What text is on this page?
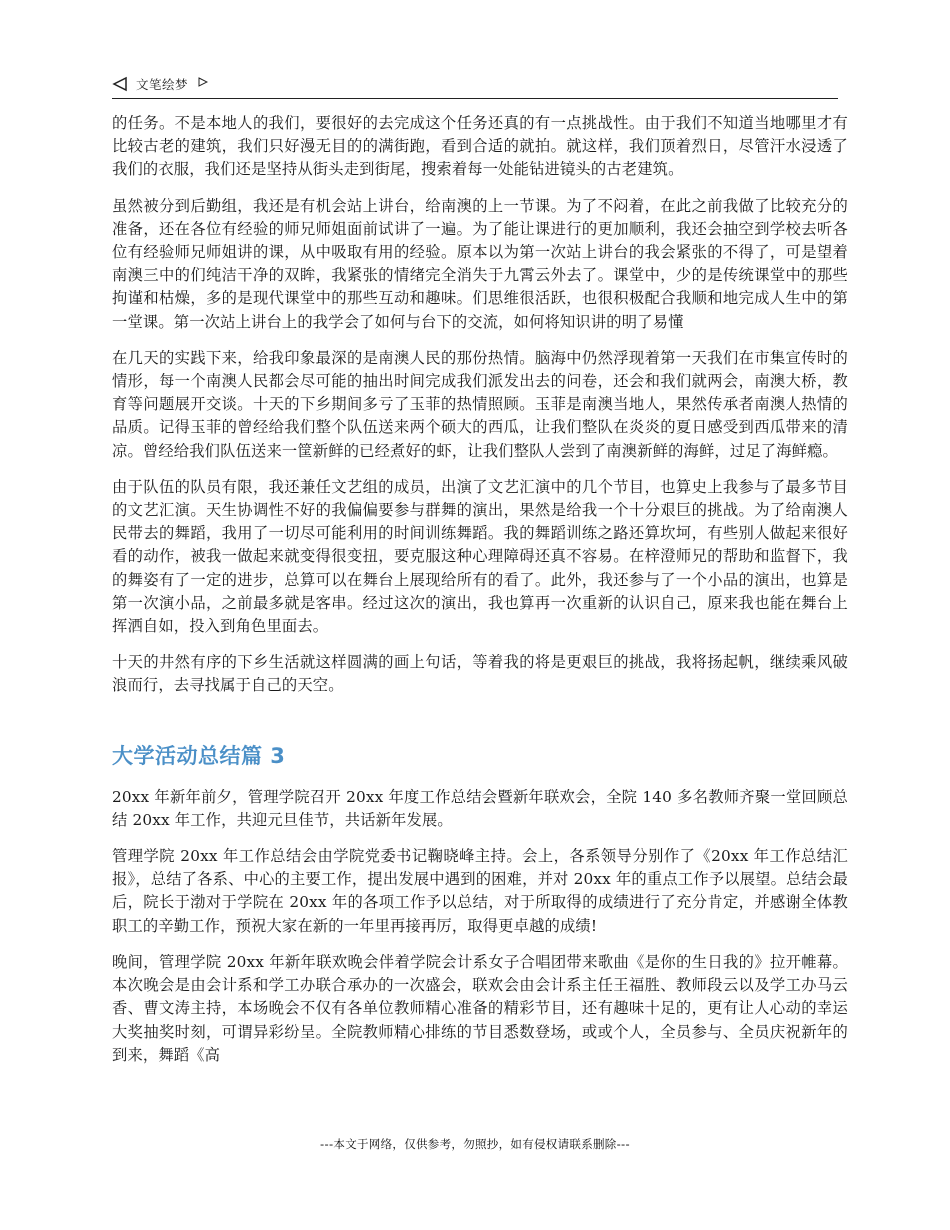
文笔绘梦

的任务。不是本地人的我们，要很好的去完成这个任务还真的有一点挑战性。由于我们不知道当地哪里才有比较古老的建筑，我们只好漫无目的的满街跑，看到合适的就拍。就这样，我们顶着烈日，尽管汗水浸透了我们的衣服，我们还是坚持从街头走到街尾，搜索着每一处能钻进镜头的古老建筑。

虽然被分到后勤组，我还是有机会站上讲台，给南澳的上一节课。为了不闷着，在此之前我做了比较充分的准备，还在各位有经验的师兄师姐面前试讲了一遍。为了能让课进行的更加顺利，我还会抽空到学校去听各位有经验师兄师姐讲的课，从中吸取有用的经验。原本以为第一次站上讲台的我会紧张的不得了，可是望着南澳三中的们纯洁干净的双眸，我紧张的情绪完全消失于九霄云外去了。课堂中，少的是传统课堂中的那些拘谨和枯燥，多的是现代课堂中的那些互动和趣味。们思维很活跃，也很积极配合我顺和地完成人生中的第一堂课。第一次站上讲台上的我学会了如何与台下的交流，如何将知识讲的明了易懂

在几天的实践下来，给我印象最深的是南澳人民的那份热情。脑海中仍然浮现着第一天我们在市集宣传时的情形，每一个南澳人民都会尽可能的抽出时间完成我们派发出去的问卷，还会和我们就两会，南澳大桥，教育等问题展开交谈。十天的下乡期间多亏了玉菲的热情照顾。玉菲是南澳当地人，果然传承者南澳人热情的品质。记得玉菲的曾经给我们整个队伍送来两个硕大的西瓜，让我们整队在炎炎的夏日感受到西瓜带来的清凉。曾经给我们队伍送来一筐新鲜的已经煮好的虾，让我们整队人尝到了南澳新鲜的海鲜，过足了海鲜瘾。

由于队伍的队员有限，我还兼任文艺组的成员，出演了文艺汇演中的几个节目，也算史上我参与了最多节目的文艺汇演。天生协调性不好的我偏偏要参与群舞的演出，果然是给我一个十分艰巨的挑战。为了给南澳人民带去的舞蹈，我用了一切尽可能利用的时间训练舞蹈。我的舞蹈训练之路还算坎坷，有些别人做起来很好看的动作，被我一做起来就变得很变扭，要克服这种心理障碍还真不容易。在梓澄师兄的帮助和监督下，我的舞姿有了一定的进步，总算可以在舞台上展现给所有的看了。此外，我还参与了一个小品的演出，也算是第一次演小品，之前最多就是客串。经过这次的演出，我也算再一次重新的认识自己，原来我也能在舞台上挥洒自如，投入到角色里面去。

十天的井然有序的下乡生活就这样圆满的画上句话，等着我的将是更艰巨的挑战，我将扬起帆，继续乘风破浪而行，去寻找属于自己的天空。

大学活动总结篇 3

20xx 年新年前夕，管理学院召开 20xx 年度工作总结会暨新年联欢会，全院 140 多名教师齐聚一堂回顾总结 20xx 年工作，共迎元旦佳节，共话新年发展。

管理学院 20xx 年工作总结会由学院党委书记鞠晓峰主持。会上，各系领导分别作了《20xx 年工作总结汇报》，总结了各系、中心的主要工作，提出发展中遇到的困难，并对 20xx 年的重点工作予以展望。总结会最后，院长于渤对于学院在 20xx 年的各项工作予以总结，对于所取得的成绩进行了充分肯定，并感谢全体教职工的辛勤工作，预祝大家在新的一年里再接再厉，取得更卓越的成绩!

晚间，管理学院 20xx 年新年联欢晚会伴着学院会计系女子合唱团带来歌曲《是你的生日我的》拉开帷幕。本次晚会是由会计系和学工办联合承办的一次盛会，联欢会由会计系主任王福胜、教师段云以及学工办马云香、曹文涛主持，本场晚会不仅有各单位教师精心准备的精彩节目，还有趣味十足的，更有让人心动的幸运大奖抽奖时刻，可谓异彩纷呈。全院教师精心排练的节目悉数登场，或或个人，全员参与、全员庆祝新年的到来，舞蹈《高

---本文于网络，仅供参考，勿照抄，如有侵权请联系删除---
